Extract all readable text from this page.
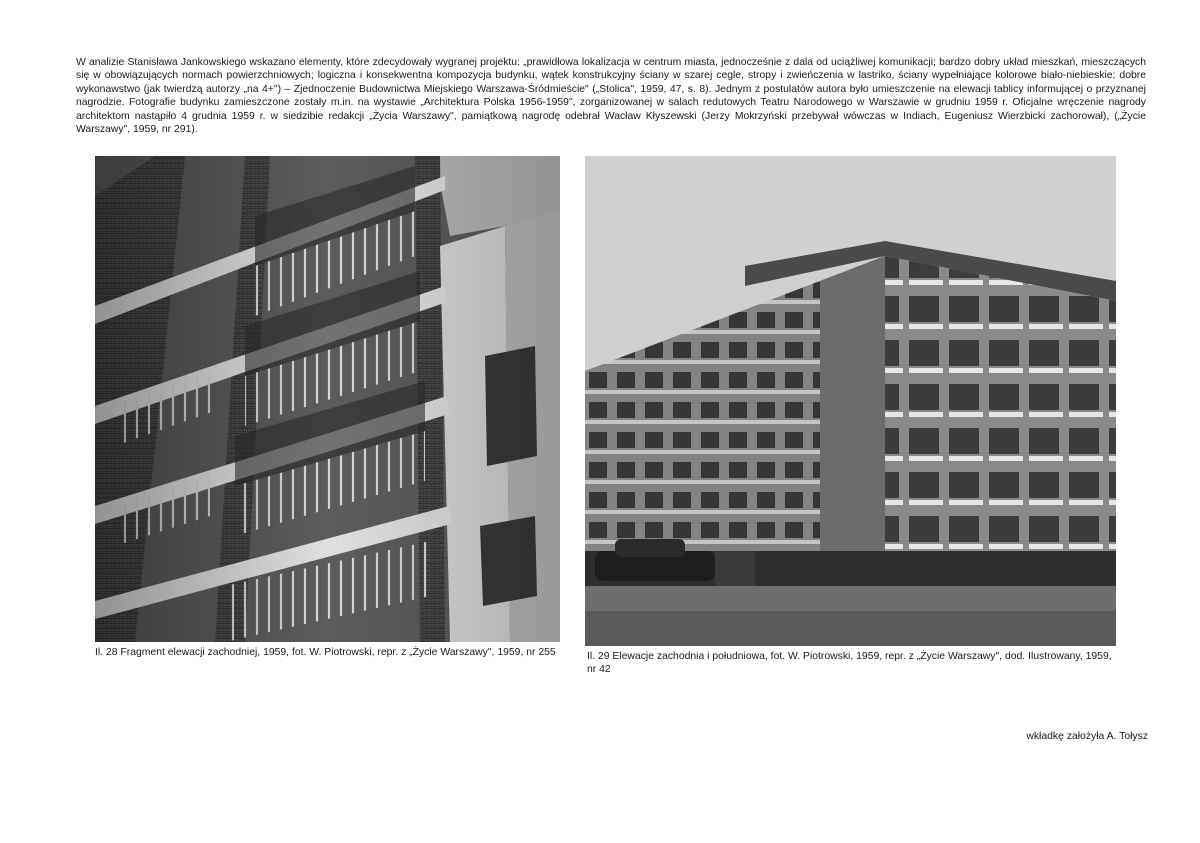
W analizie Stanisława Jankowskiego wskazano elementy, które zdecydowały wygranej projektu: „prawidłowa lokalizacja w centrum miasta, jednocześnie z dala od uciążliwej komunikacji; bardzo dobry układ mieszkań, mieszczących się w obowiązujących normach powierzchniowych; logiczna i konsekwentna kompozycja budynku, wątek konstrukcyjny ściany w szarej cegle, stropy i zwieńczenia w lastriko, ściany wypełniające kolorowe biało-niebieskie; dobre wykonawstwo (jak twierdzą autorzy „na 4+") – Zjednoczenie Budownictwa Miejskiego Warszawa-Śródmieście" („Stolica", 1959, 47, s. 8). Jednym z postulatów autora było umieszczenie na elewacji tablicy informującej o przyznanej nagrodzie. Fotografie budynku zamieszczone zostały m.in. na wystawie „Architektura Polska 1956-1959", zorganizowanej w salach redutowych Teatru Narodowego w Warszawie w grudniu 1959 r. Oficjalne wręczenie nagrody architektom nastąpiło 4 grudnia 1959 r. w siedzibie redakcji „Życia Warszawy", pamiątkową nagrodę odebrał Wacław Kłyszewski (Jerzy Mokrzyński przebywał wówczas w Indiach, Eugeniusz Wierzbicki zachorował), („Życie Warszawy", 1959, nr 291).

Il. 28 Fragment elewacji zachodniej, 1959, fot. W. Piotrowski, repr. z „Życie Warszawy", 1959, nr 255	Il. 29 Elewacje zachodnia i południowa, fot. W. Piotrowski, 1959, repr. z „Życie Warszawy", dod. Ilustrowany, 1959, nr 42

wkładkę założyła A. Tołysz
